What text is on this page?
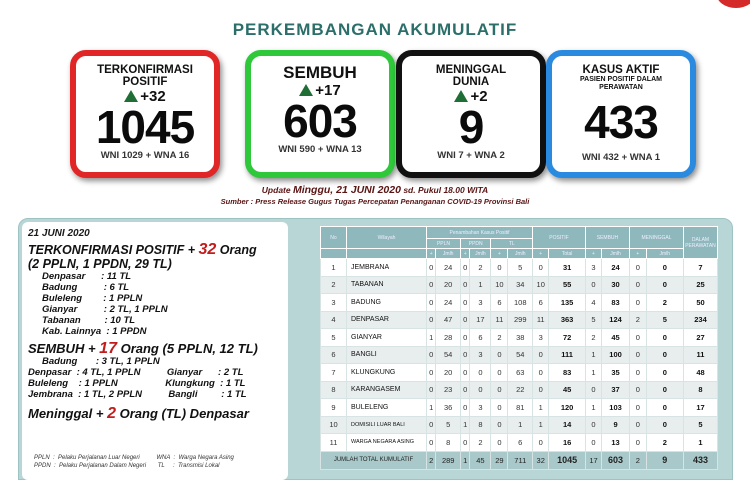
PERKEMBANGAN AKUMULATIF
TERKONFIRMASI POSITIF
+32
1045
WNI 1029 + WNA 16
SEMBUH
+17
603
WNI 590 + WNA 13
MENINGGAL DUNIA
+2
9
WNI 7 + WNA 2
KASUS AKTIF
PASIEN POSITIF DALAM PERAWATAN
433
WNI 432 + WNA 1
Update Minggu, 21 JUNI 2020 sd. Pukul 18.00 WITA
Sumber : Press Release Gugus Tugas Percepatan Penanganan COVID-19 Provinsi Bali
21 JUNI 2020
TERKONFIRMASI POSITIF + 32 Orang
(2 PPLN, 1 PPDN, 29 TL)
Denpasar      : 11 TL
Badung          : 6 TL
Buleleng        : 1 PPLN
Gianyar          : 2 TL, 1 PPLN
Tabanan         : 10 TL
Kab. Lainnya  : 1 PPDN
SEMBUH + 17 Orang (5 PPLN, 12 TL)
Badung       : 3 TL, 1 PPLN
Denpasar  : 4 TL, 1 PPLN          Gianyar      : 2 TL
Buleleng    : 1 PPLN                  Klungkung  : 1 TL
Jembrana  : 1 TL, 2 PPLN          Bangli         : 1 TL
Meninggal + 2 Orang (TL) Denpasar
PPLN  :  Pelaku Perjalanan Luar Negeri          WNA  :  Warga Negara Asing
PPDN  :  Pelaku Perjalanan Dalam Negeri       TL     :  Transmisi Lokal
No	Wilayah	Penambahan Kasus Positif						POSITIF		SEMBUH		MENINGGAL		DALAM PERAWATAN
		PPLN		PPDN		TL								
		+	Jmlh	+	Jmlh	+	Jmlh	+	Total	+	Jmlh	+	Jmlh	
1	JEMBRANA	0	24	0	2	0	5	0	31	3	24	0	0	7
2	TABANAN	0	20	0	1	10	34	10	55	0	30	0	0	25
3	BADUNG	0	24	0	3	6	108	6	135	4	83	0	2	50
4	DENPASAR	0	47	0	17	11	299	11	363	5	124	2	5	234
5	GIANYAR	1	28	0	6	2	38	3	72	2	45	0	0	27
6	BANGLI	0	54	0	3	0	54	0	111	1	100	0	0	11
7	KLUNGKUNG	0	20	0	0	0	63	0	83	1	35	0	0	48
8	KARANGASEM	0	23	0	0	0	22	0	45	0	37	0	0	8
9	BULELENG	1	36	0	3	0	81	1	120	1	103	0	0	17
10	DOMISILI LUAR BALI	0	5	1	8	0	1	1	14	0	9	0	0	5
11	WARGA NEGARA ASING	0	8	0	2	0	6	0	16	0	13	0	2	1
JUMLAH TOTAL KUMULATIF		2	289	1	45	29	711	32	1045	17	603	2	9	433
